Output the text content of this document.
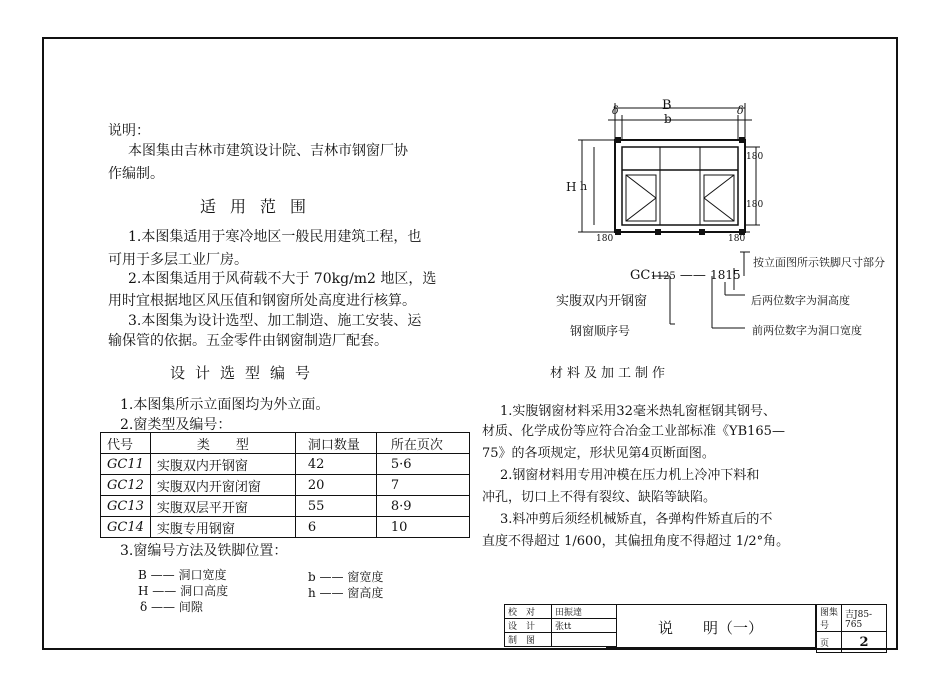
说明：
本图集由吉林市建筑设计院、吉林市钢窗厂协
作编制。
适用范围
1.本图集适用于寒冷地区一般民用建筑工程，也
可用于多层工业厂房。
2.本图集适用于风荷载不大于 70kg/m2 地区，选
用时宜根据地区风压值和钢窗所处高度进行核算。
3.本图集为设计选型、加工制造、施工安装、运
输保管的依据。五金零件由钢窗制造厂配套。
设计选型编号
1.本图集所示立面图均为外立面。
2.窗类型及编号：
代号	类　　型	洞口数量	所在页次
GC11	实腹双内开钢窗	42	5·6
GC12	实腹双内开窗闭窗	20	7
GC13	实腹双层平开窗	55	8·9
GC14	实腹专用钢窗	6	10
3.窗编号方法及铁脚位置：
B —— 洞口宽度
H —— 洞口高度
δ —— 间隙
b —— 窗宽度
h —— 窗高度
B
b
δ	δ
H h
180
180
180	180
GC1125 —— 1815
按立面图所示铁脚尺寸部分
实腹双内开钢窗	后两位数字为洞高度
钢窗顺序号	前两位数字为洞口宽度
材料及加工制作
1.实腹钢窗材料采用32毫米热轧窗框钢其钢号、
材质、化学成份等应符合冶金工业部标准《YB165—
75》的各项规定，形状见第4页断面图。
2.钢窗材料用专用冲模在压力机上冷冲下料和
冲孔，切口上不得有裂纹、缺陷等缺陷。
3.料冲剪后须经机械矫直，各弹构件矫直后的不
直度不得超过 1/600，其偏扭角度不得超过 1/2°角。
校　对	田振達
设　计	张tt
制　图	
说　　明（一）
图集号	吉J85-765
页	2
